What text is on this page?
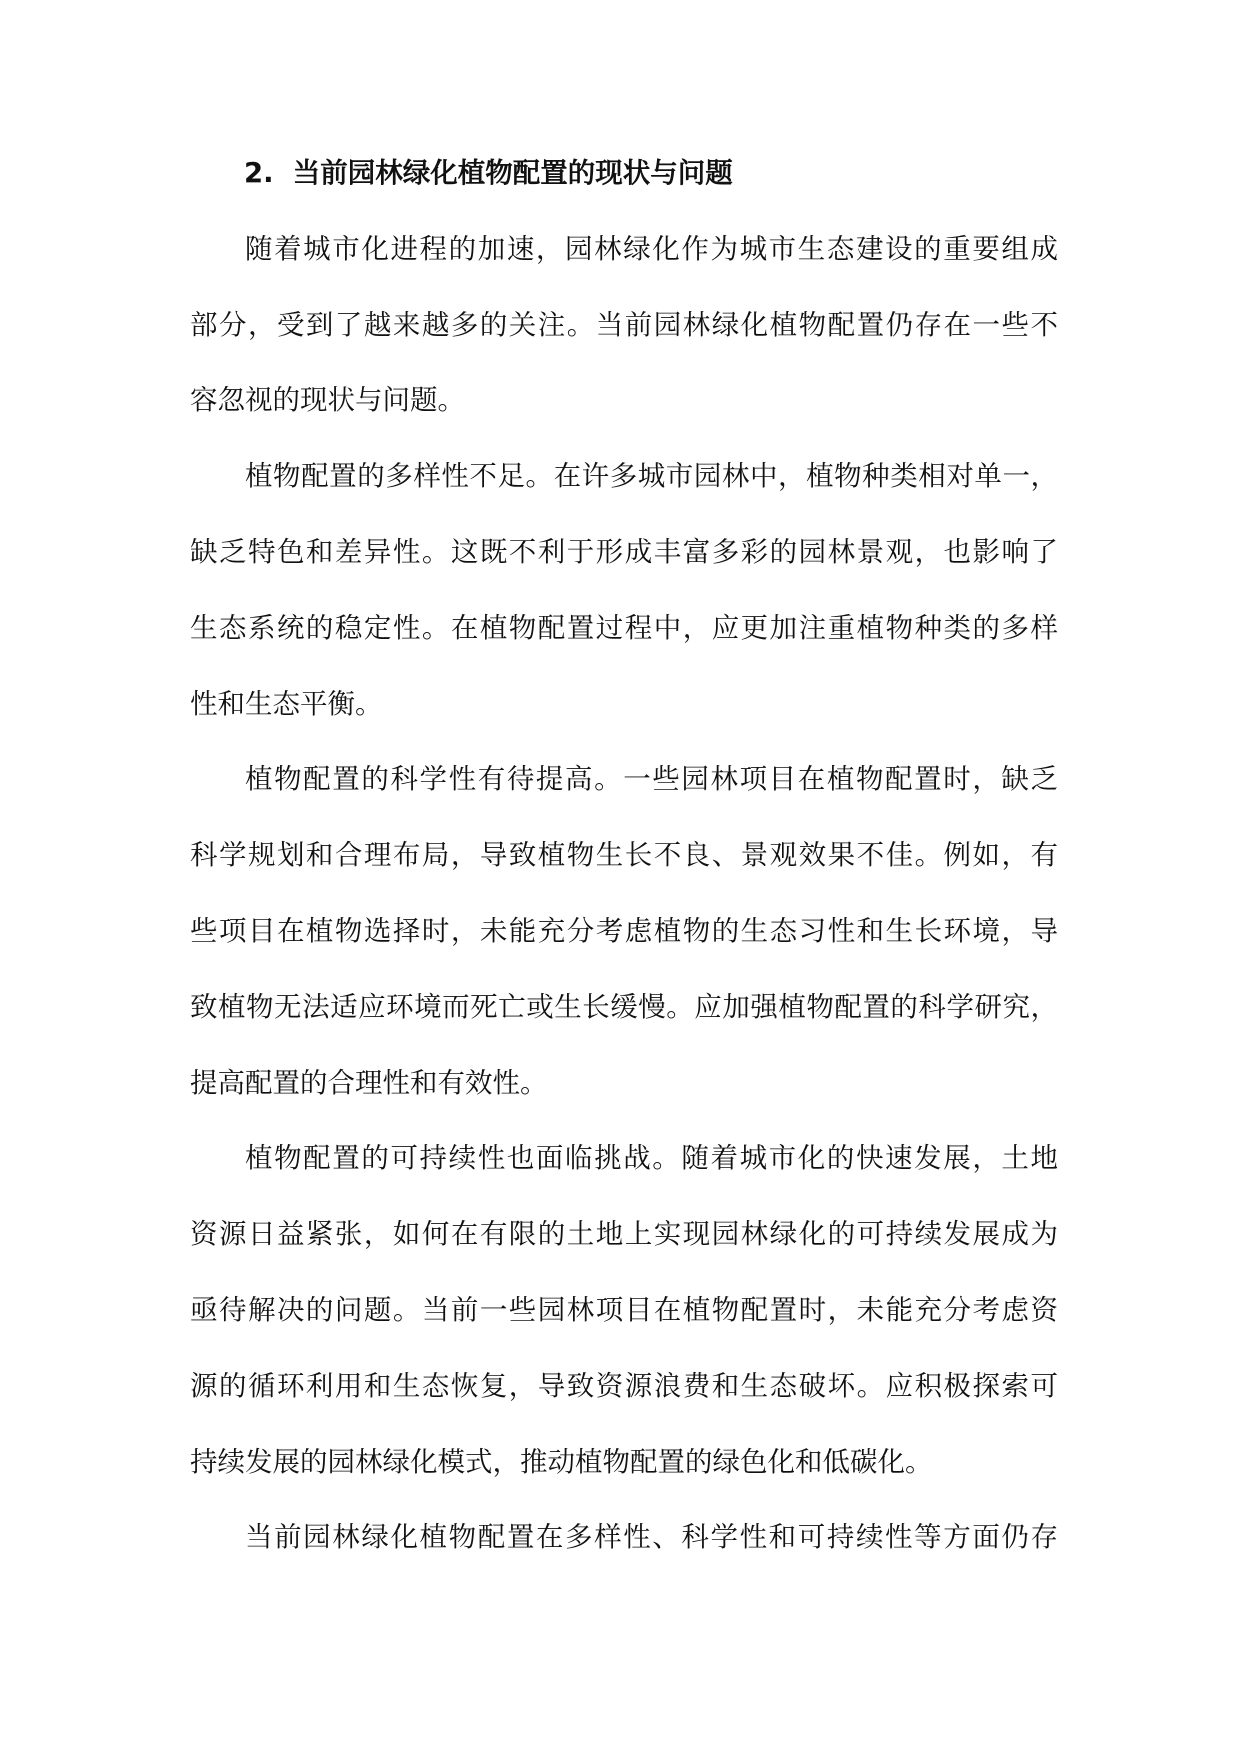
2.  当前园林绿化植物配置的现状与问题
随着城市化进程的加速，园林绿化作为城市生态建设的重要组成
部分，受到了越来越多的关注。当前园林绿化植物配置仍存在一些不
容忽视的现状与问题。
植物配置的多样性不足。在许多城市园林中，植物种类相对单一，
缺乏特色和差异性。这既不利于形成丰富多彩的园林景观，也影响了
生态系统的稳定性。在植物配置过程中，应更加注重植物种类的多样
性和生态平衡。
植物配置的科学性有待提高。一些园林项目在植物配置时，缺乏
科学规划和合理布局，导致植物生长不良、景观效果不佳。例如，有
些项目在植物选择时，未能充分考虑植物的生态习性和生长环境，导
致植物无法适应环境而死亡或生长缓慢。应加强植物配置的科学研究，
提高配置的合理性和有效性。
植物配置的可持续性也面临挑战。随着城市化的快速发展，土地
资源日益紧张，如何在有限的土地上实现园林绿化的可持续发展成为
亟待解决的问题。当前一些园林项目在植物配置时，未能充分考虑资
源的循环利用和生态恢复，导致资源浪费和生态破坏。应积极探索可
持续发展的园林绿化模式，推动植物配置的绿色化和低碳化。
当前园林绿化植物配置在多样性、科学性和可持续性等方面仍存
